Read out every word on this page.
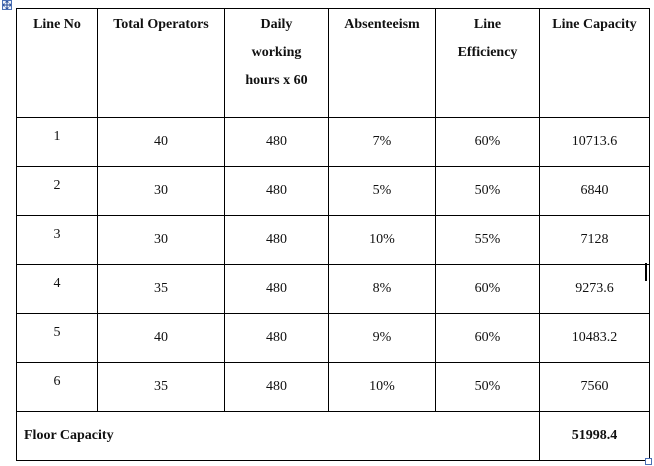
Line No	Total Operators	Daily
working
hours x 60	Absenteeism	Line
Efficiency	Line Capacity

1	40	480	7%	60%	10713.6
2	30	480	5%	50%	6840
3	30	480	10%	55%	7128
4	35	480	8%	60%	9273.6
5	40	480	9%	60%	10483.2
6	35	480	10%	50%	7560
Floor Capacity					51998.4
